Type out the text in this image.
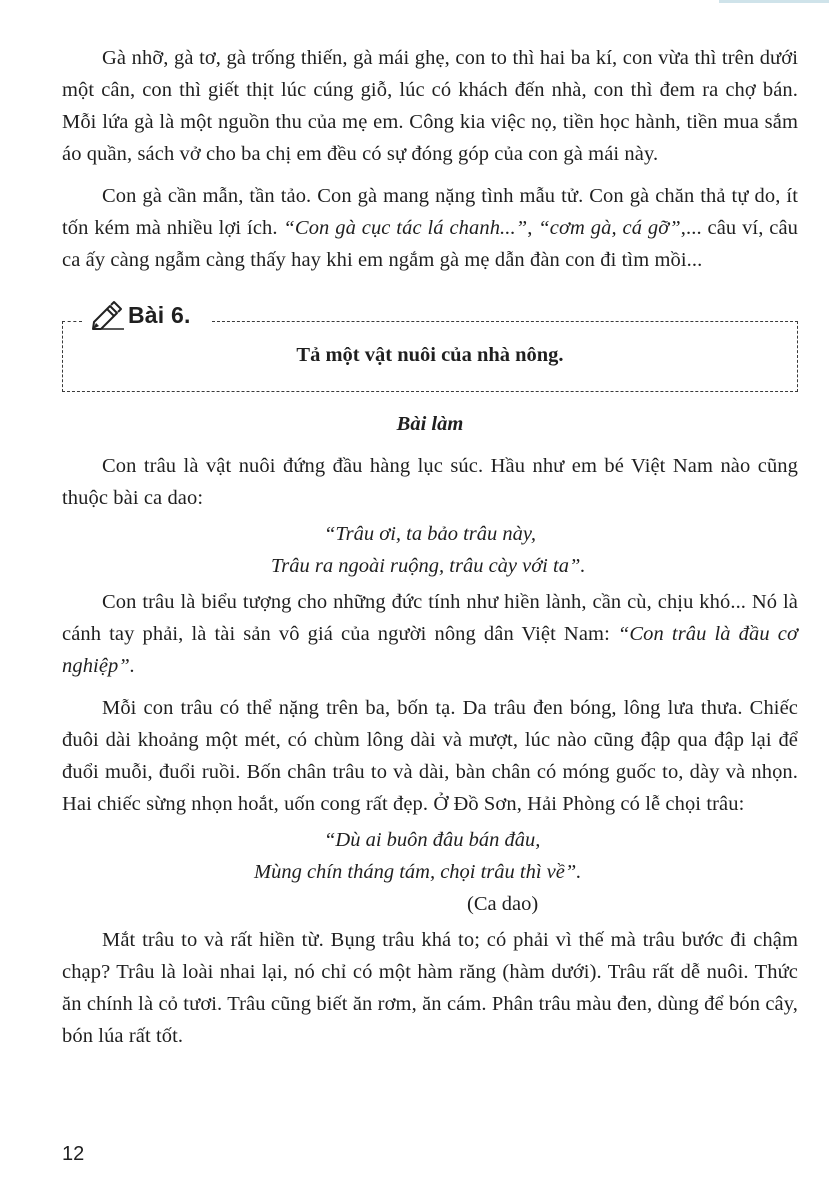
Gà nhỡ, gà tơ, gà trống thiến, gà mái ghẹ, con to thì hai ba kí, con vừa thì trên dưới một cân, con thì giết thịt lúc cúng giỗ, lúc có khách đến nhà, con thì đem ra chợ bán. Mỗi lứa gà là một nguồn thu của mẹ em. Công kia việc nọ, tiền học hành, tiền mua sắm áo quần, sách vở cho ba chị em đều có sự đóng góp của con gà mái này.

Con gà cần mẫn, tần tảo. Con gà mang nặng tình mẫu tử. Con gà chăn thả tự do, ít tốn kém mà nhiều lợi ích. “Con gà cục tác lá chanh...”, “cơm gà, cá gỡ”,... câu ví, câu ca ấy càng ngẫm càng thấy hay khi em ngắm gà mẹ dẫn đàn con đi tìm mồi...

Bài 6.
Tả một vật nuôi của nhà nông.
Bài làm

Con trâu là vật nuôi đứng đầu hàng lục súc. Hầu như em bé Việt Nam nào cũng thuộc bài ca dao:

“Trâu ơi, ta bảo trâu này,
Trâu ra ngoài ruộng, trâu cày với ta”.

Con trâu là biểu tượng cho những đức tính như hiền lành, cần cù, chịu khó... Nó là cánh tay phải, là tài sản vô giá của người nông dân Việt Nam: “Con trâu là đầu cơ nghiệp”.

Mỗi con trâu có thể nặng trên ba, bốn tạ. Da trâu đen bóng, lông lưa thưa. Chiếc đuôi dài khoảng một mét, có chùm lông dài và mượt, lúc nào cũng đập qua đập lại để đuổi muỗi, đuổi ruồi. Bốn chân trâu to và dài, bàn chân có móng guốc to, dày và nhọn. Hai chiếc sừng nhọn hoắt, uốn cong rất đẹp. Ở Đồ Sơn, Hải Phòng có lễ chọi trâu:

“Dù ai buôn đâu bán đâu,
Mùng chín tháng tám, chọi trâu thì về”.
(Ca dao)

Mắt trâu to và rất hiền từ. Bụng trâu khá to; có phải vì thế mà trâu bước đi chậm chạp? Trâu là loài nhai lại, nó chỉ có một hàm răng (hàm dưới). Trâu rất dễ nuôi. Thức ăn chính là cỏ tươi. Trâu cũng biết ăn rơm, ăn cám. Phân trâu màu đen, dùng để bón cây, bón lúa rất tốt.

12
